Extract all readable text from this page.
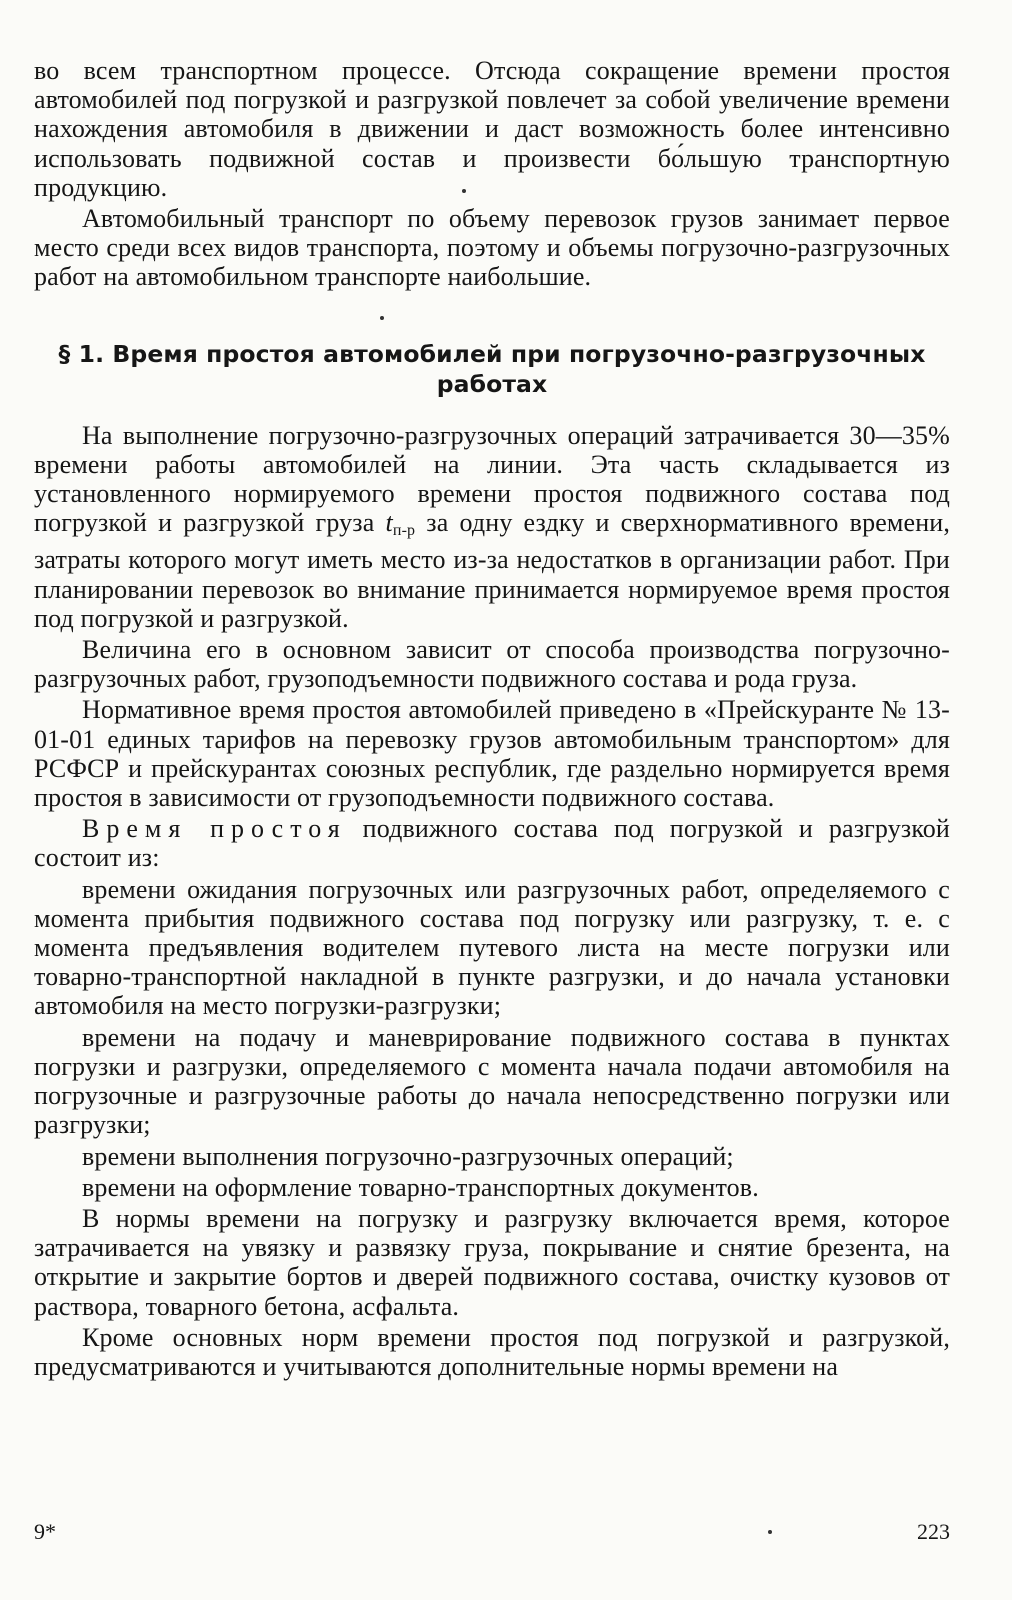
во всем транспортном процессе. Отсюда сокращение времени простоя автомобилей под погрузкой и разгрузкой повлечет за собой увеличение времени нахождения автомобиля в движении и даст возможность более интенсивно использовать подвижной состав и произвести бо́льшую транспортную продукцию.

Автомобильный транспорт по объему перевозок грузов занимает первое место среди всех видов транспорта, поэтому и объемы погрузочно-разгрузочных работ на автомобильном транспорте наибольшие.

§ 1. Время простоя автомобилей при погрузочно-разгрузочных
работах

На выполнение погрузочно-разгрузочных операций затрачивается 30—35% времени работы автомобилей на линии. Эта часть складывается из установленного нормируемого времени простоя подвижного состава под погрузкой и разгрузкой груза $t_{п-р}$ за одну ездку и сверхнормативного времени, затраты которого могут иметь место из-за недостатков в организации работ. При планировании перевозок во внимание принимается нормируемое время простоя под погрузкой и разгрузкой.

Величина его в основном зависит от способа производства погрузочно-разгрузочных работ, грузоподъемности подвижного состава и рода груза.

Нормативное время простоя автомобилей приведено в «Прейскуранте № 13-01-01 единых тарифов на перевозку грузов автомобильным транспортом» для РСФСР и прейскурантах союзных республик, где раздельно нормируется время простоя в зависимости от грузоподъемности подвижного состава.

Время простоя подвижного состава под погрузкой и разгрузкой состоит из:

времени ожидания погрузочных или разгрузочных работ, определяемого с момента прибытия подвижного состава под погрузку или разгрузку, т. е. с момента предъявления водителем путевого листа на месте погрузки или товарно-транспортной накладной в пункте разгрузки, и до начала установки автомобиля на место погрузки-разгрузки;

времени на подачу и маневрирование подвижного состава в пунктах погрузки и разгрузки, определяемого с момента начала подачи автомобиля на погрузочные и разгрузочные работы до начала непосредственно погрузки или разгрузки;

времени выполнения погрузочно-разгрузочных операций;

времени на оформление товарно-транспортных документов.

В нормы времени на погрузку и разгрузку включается время, которое затрачивается на увязку и развязку груза, покрывание и снятие брезента, на открытие и закрытие бортов и дверей подвижного состава, очистку кузовов от раствора, товарного бетона, асфальта.

Кроме основных норм времени простоя под погрузкой и разгрузкой, предусматриваются и учитываются дополнительные нормы времени на

9*	223
